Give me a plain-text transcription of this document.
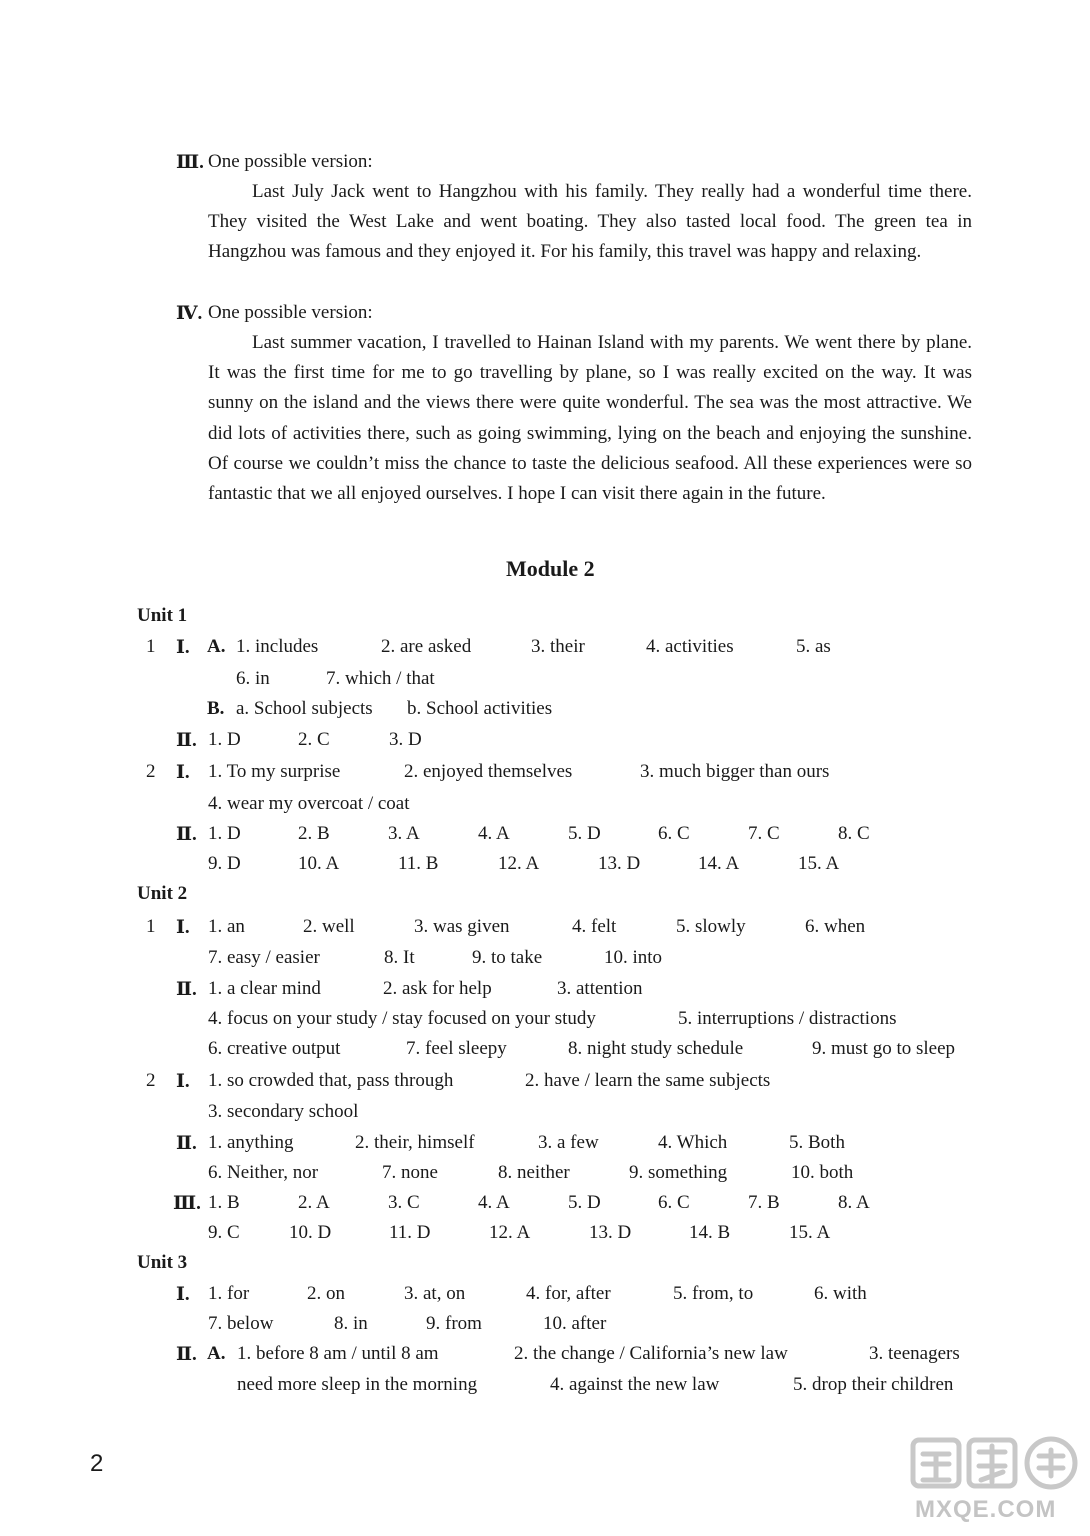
Ⅲ. One possible version:

Last July Jack went to Hangzhou with his family. They really had a wonderful time there. They visited the West Lake and went boating. They also tasted local food. The green tea in Hangzhou was famous and they enjoyed it. For his family, this travel was happy and relaxing.

Ⅳ. One possible version:

Last summer vacation, I travelled to Hainan Island with my parents. We went there by plane. It was the first time for me to go travelling by plane, so I was really excited on the way. It was sunny on the island and the views there were quite wonderful. The sea was the most attractive. We did lots of activities there, such as going swimming, lying on the beach and enjoying the sunshine. Of course we couldn’t miss the chance to taste the delicious seafood. All these experiences were so fantastic that we all enjoyed ourselves. I hope I can visit there again in the future.

Module 2
Unit 1
1 Ⅰ. A. 1. includes	2. are asked	3. their	4. activities	5. as
6. in	7. which / that
B. a. School subjects b. School activities
Ⅱ. 1. D	2. C	3. D
2 Ⅰ. 1. To my surprise	2. enjoyed themselves	3. much bigger than ours
4. wear my overcoat / coat
Ⅱ. 1. D	2. B	3. A	4. A	5. D	6. C	7. C	8. C
9. D	10. A	11. B	12. A	13. D	14. A	15. A
Unit 2
1 Ⅰ. 1. an	2. well	3. was given	4. felt	5. slowly	6. when
7. easy / easier	8. It	9. to take	10. into
Ⅱ. 1. a clear mind	2. ask for help	3. attention
4. focus on your study / stay focused on your study	5. interruptions / distractions
6. creative output	7. feel sleepy	8. night study schedule	9. must go to sleep
2 Ⅰ. 1. so crowded that, pass through	2. have / learn the same subjects
3. secondary school
Ⅱ. 1. anything	2. their, himself	3. a few	4. Which	5. Both
6. Neither, nor	7. none	8. neither	9. something	10. both
Ⅲ. 1. B	2. A	3. C	4. A	5. D	6. C	7. B	8. A
9. C	10. D	11. D	12. A	13. D	14. B	15. A
Unit 3
Ⅰ. 1. for	2. on	3. at, on	4. for, after	5. from, to	6. with
7. below	8. in	9. from	10. after
Ⅱ. A. 1. before 8 am / until 8 am	2. the change / California’s new law	3. teenagers
need more sleep in the morning	4. against the new law	5. drop their children
2
MXQE.COM
